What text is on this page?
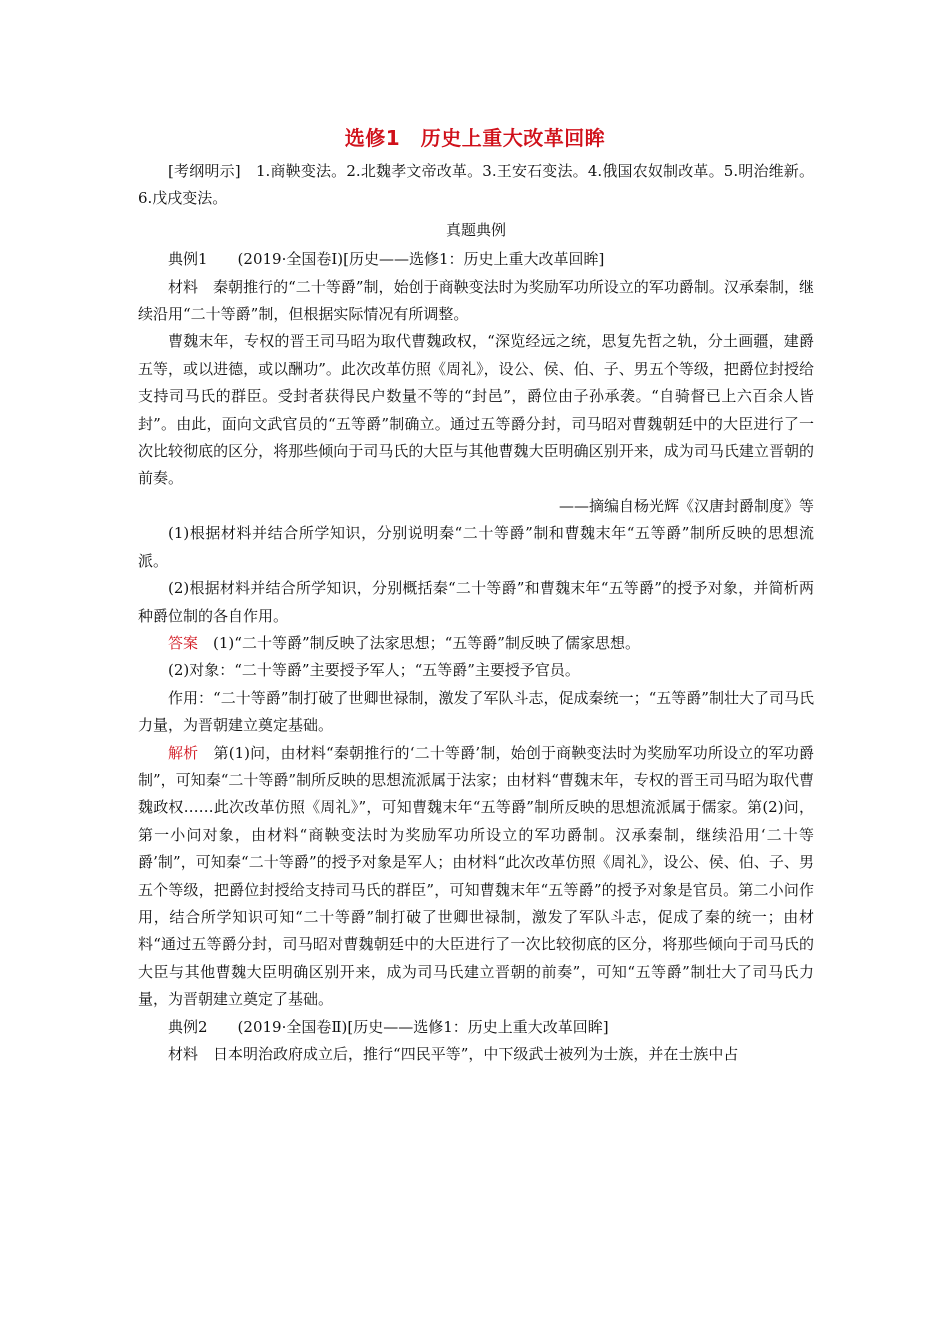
选修1　历史上重大改革回眸

[考纲明示]　 1.商鞅变法。2.北魏孝文帝改革。3.王安石变法。4.俄国农奴制改革。5.明治维新。6.戊戌变法。

真题典例

典例1　　(2019·全国卷Ⅰ)[历史——选修1：历史上重大改革回眸]

材料　 秦朝推行的“二十等爵”制，始创于商鞅变法时为奖励军功所设立的军功爵制。汉承秦制，继续沿用“二十等爵”制，但根据实际情况有所调整。

曹魏末年，专权的晋王司马昭为取代曹魏政权，“深览经远之统，思复先哲之轨，分土画疆，建爵五等，或以进德，或以酬功”。此次改革仿照《周礼》，设公、侯、伯、子、男五个等级，把爵位封授给支持司马氏的群臣。受封者获得民户数量不等的“封邑”，爵位由子孙承袭。“自骑督已上六百余人皆封”。由此，面向文武官员的“五等爵”制确立。通过五等爵分封，司马昭对曹魏朝廷中的大臣进行了一次比较彻底的区分，将那些倾向于司马氏的大臣与其他曹魏大臣明确区别开来，成为司马氏建立晋朝的前奏。

——摘编自杨光辉《汉唐封爵制度》等

(1)根据材料并结合所学知识，分别说明秦“二十等爵”制和曹魏末年“五等爵”制所反映的思想流派。

(2)根据材料并结合所学知识，分别概括秦“二十等爵”和曹魏末年“五等爵”的授予对象，并简析两种爵位制的各自作用。

答案　 (1)“二十等爵”制反映了法家思想；“五等爵”制反映了儒家思想。

(2)对象：“二十等爵”主要授予军人；“五等爵”主要授予官员。

作用：“二十等爵”制打破了世卿世禄制，激发了军队斗志，促成秦统一；“五等爵”制壮大了司马氏力量，为晋朝建立奠定基础。

解析　 第(1)问，由材料“秦朝推行的‘二十等爵’制，始创于商鞅变法时为奖励军功所设立的军功爵制”，可知秦“二十等爵”制所反映的思想流派属于法家；由材料“曹魏末年，专权的晋王司马昭为取代曹魏政权……此次改革仿照《周礼》”，可知曹魏末年“五等爵”制所反映的思想流派属于儒家。第(2)问，第一小问对象，由材料“商鞅变法时为奖励军功所设立的军功爵制。汉承秦制，继续沿用‘二十等爵’制”，可知秦“二十等爵”的授予对象是军人；由材料“此次改革仿照《周礼》，设公、侯、伯、子、男五个等级，把爵位封授给支持司马氏的群臣”，可知曹魏末年“五等爵”的授予对象是官员。第二小问作用，结合所学知识可知“二十等爵”制打破了世卿世禄制，激发了军队斗志，促成了秦的统一；由材料“通过五等爵分封，司马昭对曹魏朝廷中的大臣进行了一次比较彻底的区分，将那些倾向于司马氏的大臣与其他曹魏大臣明确区别开来，成为司马氏建立晋朝的前奏”，可知“五等爵”制壮大了司马氏力量，为晋朝建立奠定了基础。

典例2　　(2019·全国卷Ⅱ)[历史——选修1：历史上重大改革回眸]

材料　 日本明治政府成立后，推行“四民平等”，中下级武士被列为士族，并在士族中占
